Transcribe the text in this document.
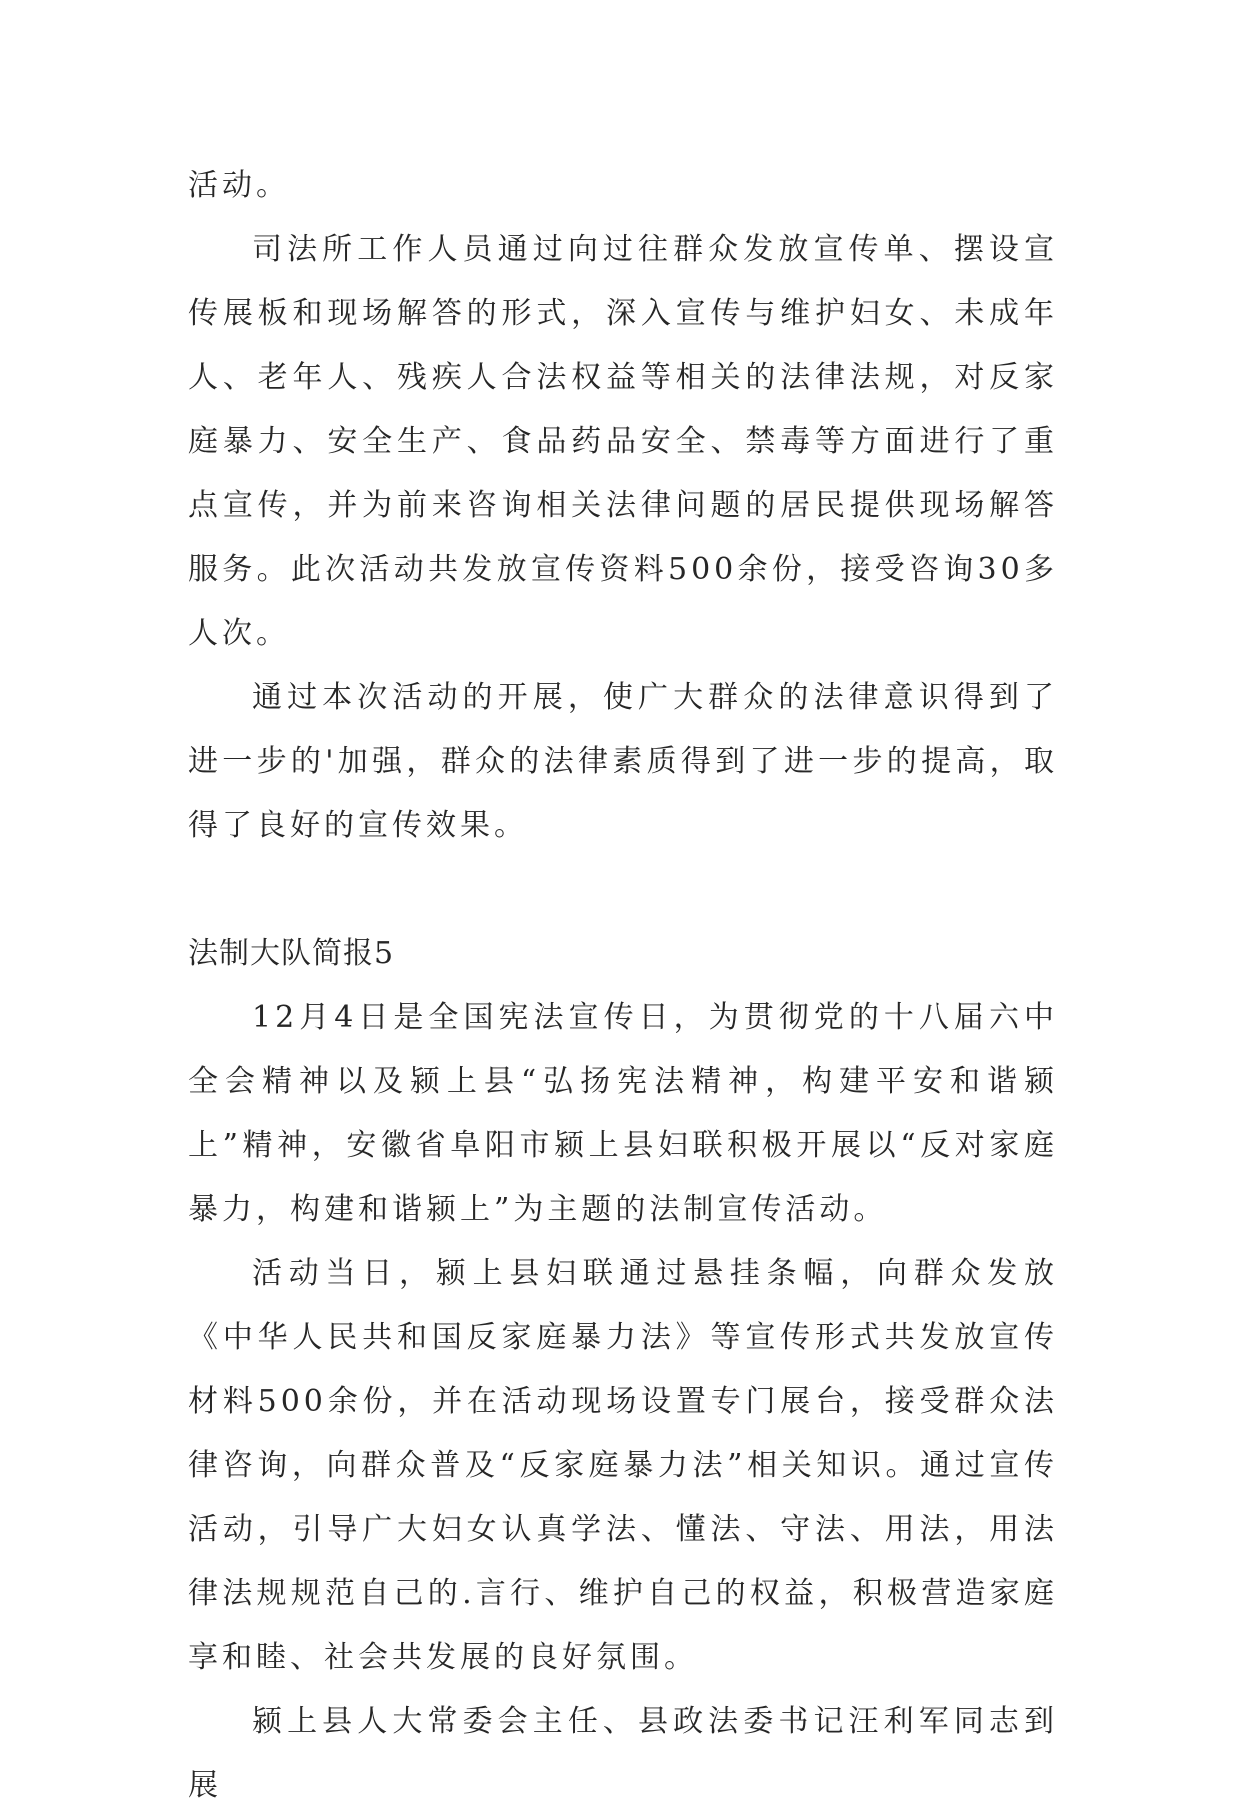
活动。

司法所工作人员通过向过往群众发放宣传单、摆设宣传展板和现场解答的形式，深入宣传与维护妇女、未成年人、老年人、残疾人合法权益等相关的法律法规，对反家庭暴力、安全生产、食品药品安全、禁毒等方面进行了重点宣传，并为前来咨询相关法律问题的居民提供现场解答服务。此次活动共发放宣传资料500余份，接受咨询30多人次。

通过本次活动的开展，使广大群众的法律意识得到了进一步的'加强，群众的法律素质得到了进一步的提高，取得了良好的宣传效果。

法制大队简报5

12月4日是全国宪法宣传日，为贯彻党的十八届六中全会精神以及颍上县“弘扬宪法精神，构建平安和谐颍上”精神，安徽省阜阳市颍上县妇联积极开展以“反对家庭暴力，构建和谐颍上”为主题的法制宣传活动。

活动当日，颍上县妇联通过悬挂条幅，向群众发放《中华人民共和国反家庭暴力法》等宣传形式共发放宣传材料500余份，并在活动现场设置专门展台，接受群众法律咨询，向群众普及“反家庭暴力法”相关知识。通过宣传活动，引导广大妇女认真学法、懂法、守法、用法，用法律法规规范自己的.言行、维护自己的权益，积极营造家庭享和睦、社会共发展的良好氛围。

颍上县人大常委会主任、县政法委书记汪利军同志到展
